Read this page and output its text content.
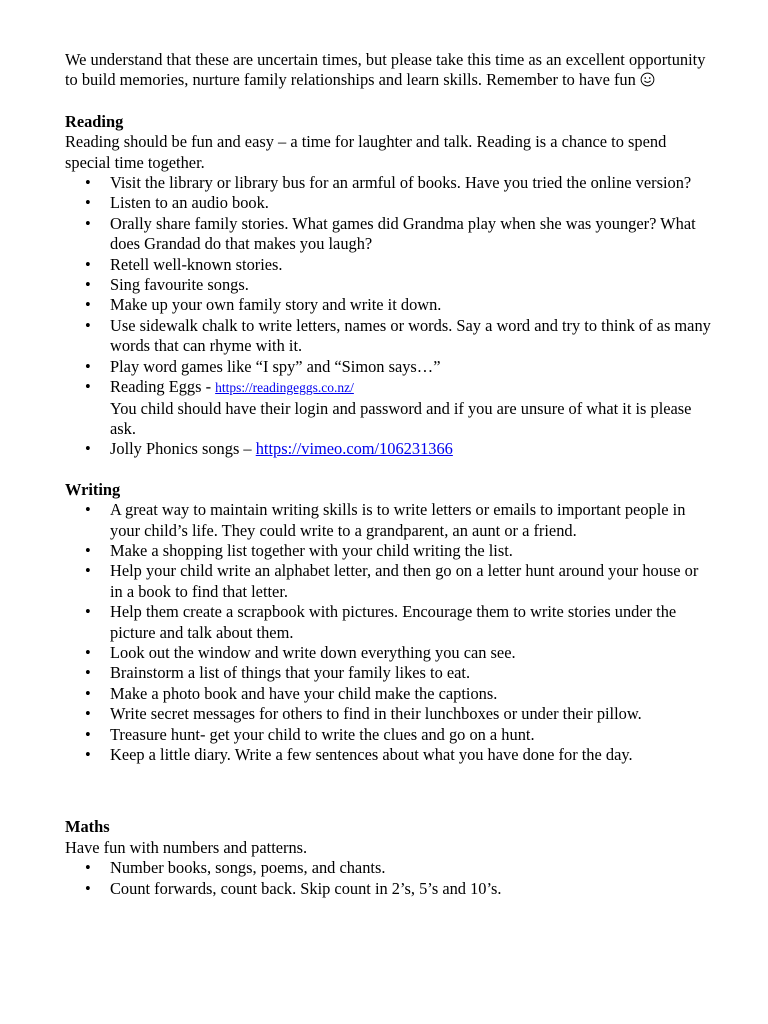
We understand that these are uncertain times, but please take this time as an excellent opportunity to build memories, nurture family relationships and learn skills. Remember to have fun

Reading

Reading should be fun and easy – a time for laughter and talk. Reading is a chance to spend special time together.

• Visit the library or library bus for an armful of books. Have you tried the online version?
• Listen to an audio book.
• Orally share family stories. What games did Grandma play when she was younger? What does Grandad do that makes you laugh?
• Retell well-known stories.
• Sing favourite songs.
• Make up your own family story and write it down.
• Use sidewalk chalk to write letters, names or words. Say a word and try to think of as many words that can rhyme with it.
• Play word games like “I spy” and “Simon says…”
• Reading Eggs - https://readingeggs.co.nz/
You child should have their login and password and if you are unsure of what it is please ask.
• Jolly Phonics songs – https://vimeo.com/106231366

Writing

• A great way to maintain writing skills is to write letters or emails to important people in your child’s life. They could write to a grandparent, an aunt or a friend.
• Make a shopping list together with your child writing the list.
• Help your child write an alphabet letter, and then go on a letter hunt around your house or in a book to find that letter.
• Help them create a scrapbook with pictures. Encourage them to write stories under the picture and talk about them.
• Look out the window and write down everything you can see.
• Brainstorm a list of things that your family likes to eat.
• Make a photo book and have your child make the captions.
• Write secret messages for others to find in their lunchboxes or under their pillow.
• Treasure hunt- get your child to write the clues and go on a hunt.
• Keep a little diary. Write a few sentences about what you have done for the day.

Maths

Have fun with numbers and patterns.

• Number books, songs, poems, and chants.
• Count forwards, count back. Skip count in 2’s, 5’s and 10’s.
